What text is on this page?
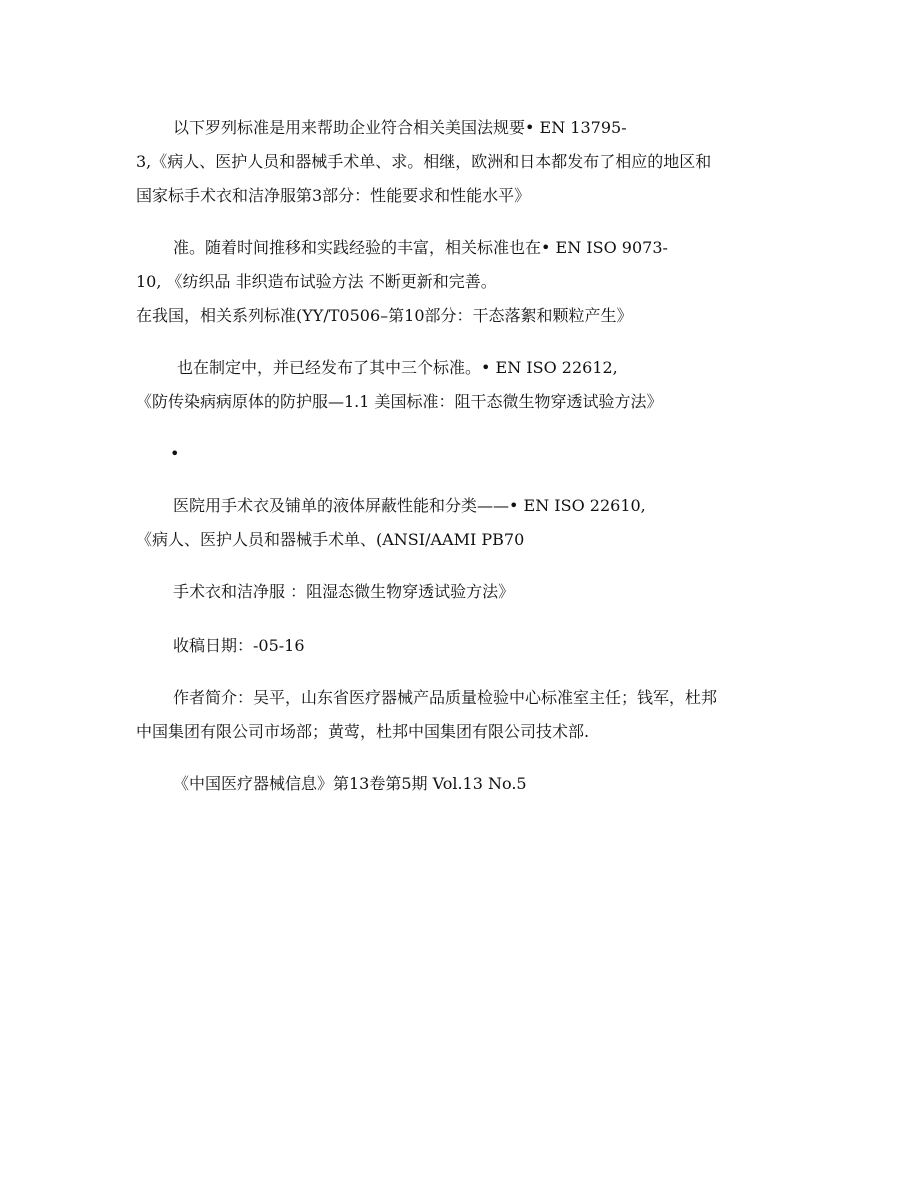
以下罗列标准是用来帮助企业符合相关美国法规要• EN 13795-
3,《病人、医护人员和器械手术单、求。相继，欧洲和日本都发布了相应的地区和
国家标手术衣和洁净服第3部分：性能要求和性能水平》
准。随着时间推移和实践经验的丰富，相关标准也在• EN ISO 9073-
10, 《纺织品 非织造布试验方法 不断更新和完善。
在我国，相关系列标准(YY/T0506–第10部分：干态落絮和颗粒产生》
也在制定中，并已经发布了其中三个标准。• EN ISO 22612,
《防传染病病原体的防护服—1.1 美国标准：阻干态微生物穿透试验方法》
•
医院用手术衣及铺单的液体屏蔽性能和分类——• EN ISO 22610,
《病人、医护人员和器械手术单、(ANSI/AAMI PB70
手术衣和洁净服 ：阻湿态微生物穿透试验方法》
收稿日期：-05-16
作者简介：吴平，山东省医疗器械产品质量检验中心标准室主任；钱军，杜邦
中国集团有限公司市场部；黄莺，杜邦中国集团有限公司技术部.
《中国医疗器械信息》第13卷第5期 Vol.13 No.5
